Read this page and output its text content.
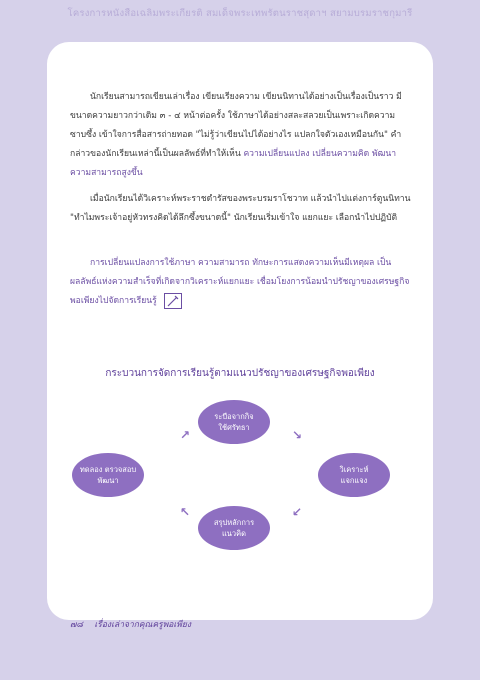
โครงการหนังสือเฉลิมพระเกียรติ สมเด็จพระเทพรัตนราชสุดาฯ สยามบรมราชกุมารี
นักเรียนสามารถเขียนเล่าเรื่อง เขียนเรียงความ เขียนนิทานได้อย่างเป็นเรื่องเป็นราว มีขนาดความยาวกว่าเดิม ๓ - ๔ หน้าต่อครั้ง ใช้ภาษาได้อย่างสละสลวยเป็นเพราะเกิดความซาบซึ้ง เข้าใจการสื่อสารถ่ายทอด "ไม่รู้ว่าเขียนไปได้อย่างไร แปลกใจตัวเองเหมือนกัน" คำกล่าวของนักเรียนเหล่านี้เป็นผลลัพธ์ที่ทำให้เห็น ความเปลี่ยนแปลง เปลี่ยนความคิด พัฒนาความสามารถสูงขึ้น
เมื่อนักเรียนได้วิเคราะห์พระราชดำรัสของพระบรมราโชวาท แล้วนำไปแต่งการ์ตูนนิทาน "ทำไมพระเจ้าอยู่หัวทรงคิดได้ลึกซึ้งขนาดนี้" นักเรียนเริ่มเข้าใจ แยกแยะ เลือกนำไปปฏิบัติ
การเปลี่ยนแปลงการใช้ภาษา ความสามารถ ทักษะการแสดงความเห็นมีเหตุผล เป็นผลลัพธ์แห่งความสำเร็จที่เกิดจากวิเคราะห์แยกแยะ เชื่อมโยงการน้อมนำปรัชญาของเศรษฐกิจพอเพียงไปจัดการเรียนรู้
กระบวนการจัดการเรียนรู้ตามแนวปรัชญาของเศรษฐกิจพอเพียง
ระบือจากกิจ
ใช้ศรัทธา
วิเคราะห์
แจกแจง
สรุปหลักการ
แนวคิด
ทดลอง ตรวจสอบ
พัฒนา
↗	↘
↙
↖
๗๘ เรื่องเล่าจากคุณครูพอเพียง
